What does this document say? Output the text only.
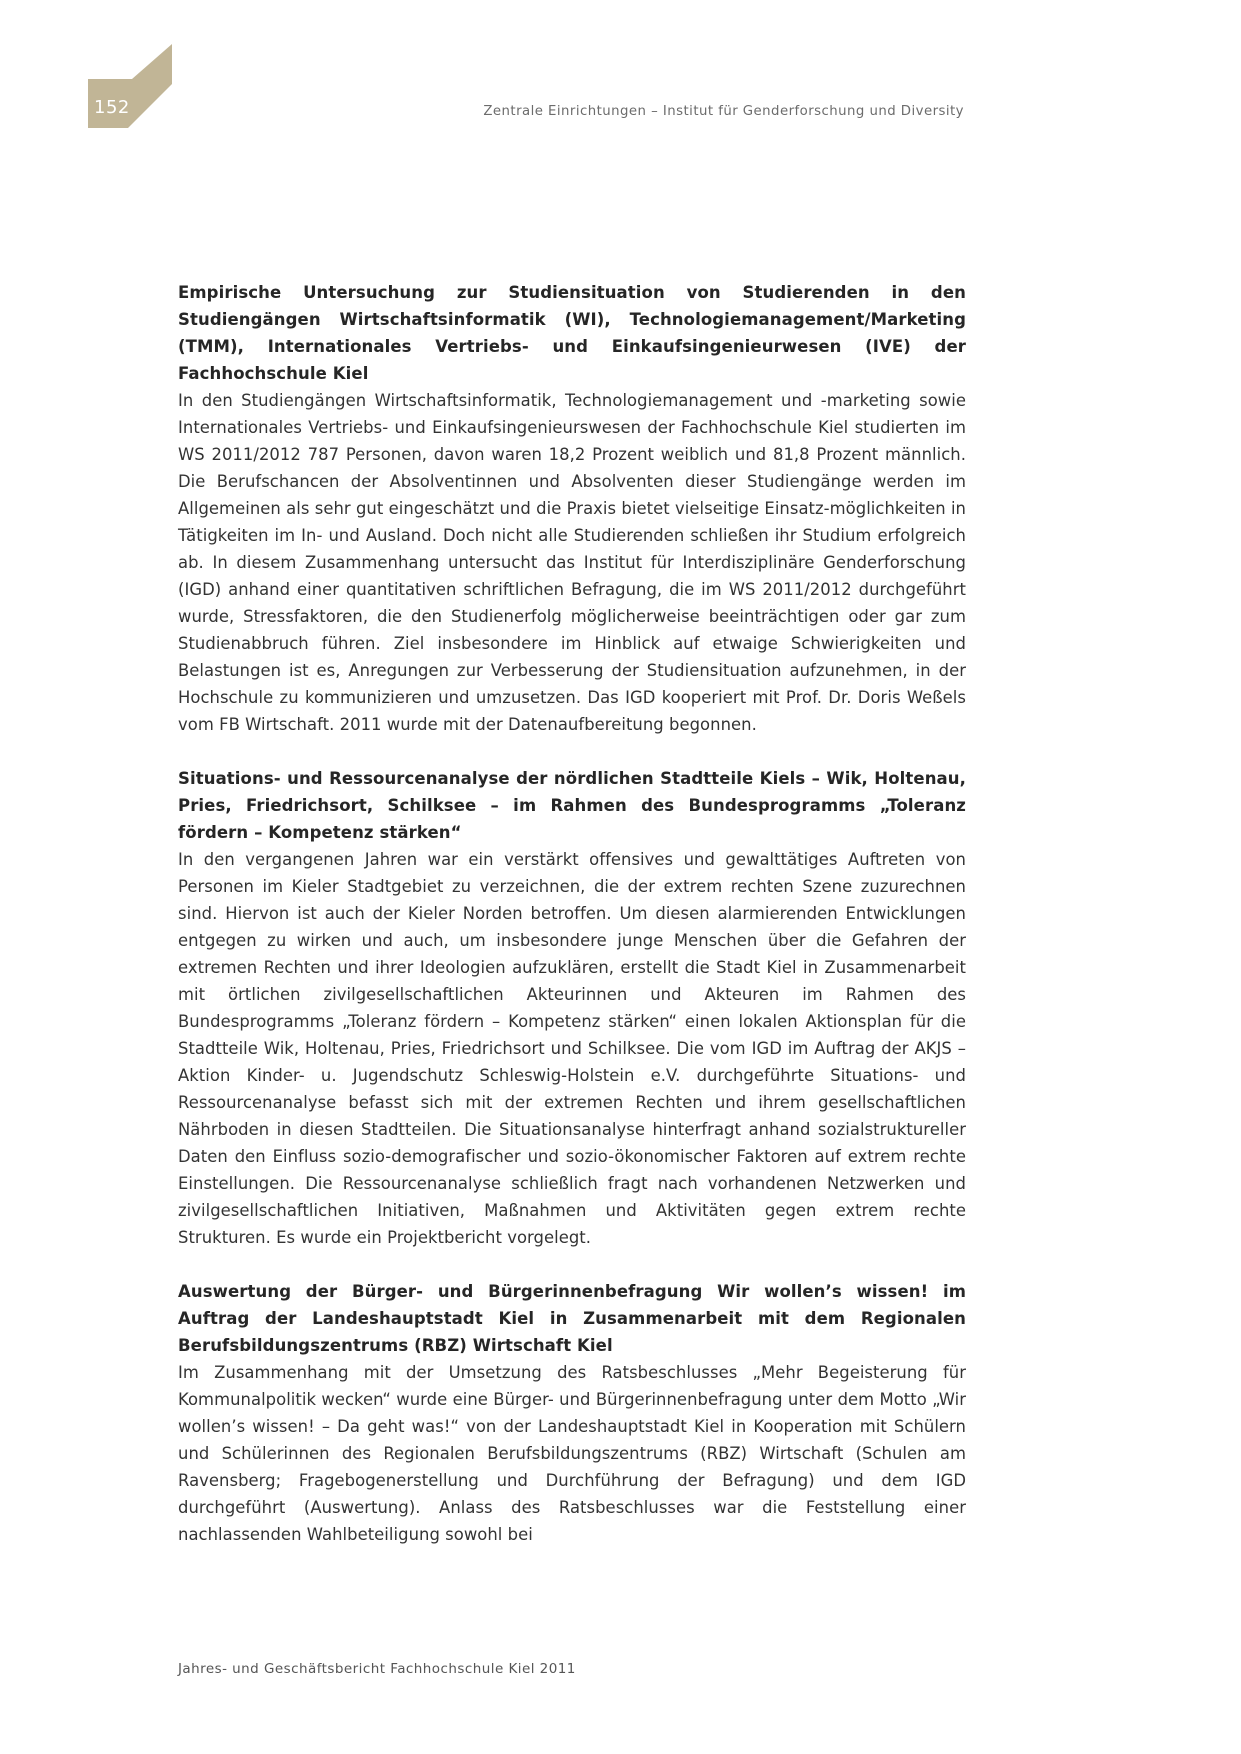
152	Zentrale Einrichtungen – Institut für Genderforschung und Diversity
Empirische Untersuchung zur Studiensituation von Studierenden in den Studiengängen Wirtschaftsinformatik (WI), Technologiemanagement/Marketing (TMM), Internationales Vertriebs- und Einkaufsingenieurwesen (IVE) der Fachhochschule Kiel

In den Studiengängen Wirtschaftsinformatik, Technologiemanagement und -marketing sowie Internationales Vertriebs- und Einkaufsingenieurswesen der Fachhochschule Kiel studierten im WS 2011/2012 787 Personen, davon waren 18,2 Prozent weiblich und 81,8 Prozent männlich. Die Berufschancen der Absolventinnen und Absolventen dieser Studiengänge werden im Allgemeinen als sehr gut eingeschätzt und die Praxis bietet vielseitige Einsatz-möglichkeiten in Tätigkeiten im In- und Ausland. Doch nicht alle Studierenden schließen ihr Studium erfolgreich ab. In diesem Zusammenhang untersucht das Institut für Interdisziplinäre Genderforschung (IGD) anhand einer quantitativen schriftlichen Befragung, die im WS 2011/2012 durchgeführt wurde, Stressfaktoren, die den Studienerfolg möglicherweise beeinträchtigen oder gar zum Studienabbruch führen. Ziel insbesondere im Hinblick auf etwaige Schwierigkeiten und Belastungen ist es, Anregungen zur Verbesserung der Studiensituation aufzunehmen, in der Hochschule zu kommunizieren und umzusetzen. Das IGD kooperiert mit Prof. Dr. Doris Weßels vom FB Wirtschaft. 2011 wurde mit der Datenaufbereitung begonnen.

Situations- und Ressourcenanalyse der nördlichen Stadtteile Kiels – Wik, Holtenau, Pries, Friedrichsort, Schilksee – im Rahmen des Bundesprogramms „Toleranz fördern – Kompetenz stärken“

In den vergangenen Jahren war ein verstärkt offensives und gewalttätiges Auftreten von Personen im Kieler Stadtgebiet zu verzeichnen, die der extrem rechten Szene zuzurechnen sind. Hiervon ist auch der Kieler Norden betroffen. Um diesen alarmierenden Entwicklungen entgegen zu wirken und auch, um insbesondere junge Menschen über die Gefahren der extremen Rechten und ihrer Ideologien aufzuklären, erstellt die Stadt Kiel in Zusammenarbeit mit örtlichen zivilgesellschaftlichen Akteurinnen und Akteuren im Rahmen des Bundesprogramms „Toleranz fördern – Kompetenz stärken“ einen lokalen Aktionsplan für die Stadtteile Wik, Holtenau, Pries, Friedrichsort und Schilksee. Die vom IGD im Auftrag der AKJS – Aktion Kinder- u. Jugendschutz Schleswig-Holstein e.V. durchgeführte Situations- und Ressourcenanalyse befasst sich mit der extremen Rechten und ihrem gesellschaftlichen Nährboden in diesen Stadtteilen. Die Situationsanalyse hinterfragt anhand sozialstruktureller Daten den Einfluss sozio-demografischer und sozio-ökonomischer Faktoren auf extrem rechte Einstellungen. Die Ressourcenanalyse schließlich fragt nach vorhandenen Netzwerken und zivilgesellschaftlichen Initiativen, Maßnahmen und Aktivitäten gegen extrem rechte Strukturen. Es wurde ein Projektbericht vorgelegt.

Auswertung der Bürger- und Bürgerinnenbefragung Wir wollen’s wissen! im Auftrag der Landeshauptstadt Kiel in Zusammenarbeit mit dem Regionalen Berufsbildungszentrums (RBZ) Wirtschaft Kiel

Im Zusammenhang mit der Umsetzung des Ratsbeschlusses „Mehr Begeisterung für Kommunalpolitik wecken“ wurde eine Bürger- und Bürgerinnenbefragung unter dem Motto „Wir wollen’s wissen! – Da geht was!“ von der Landeshauptstadt Kiel in Kooperation mit Schülern und Schülerinnen des Regionalen Berufsbildungszentrums (RBZ) Wirtschaft (Schulen am Ravensberg; Fragebogenerstellung und Durchführung der Befragung) und dem IGD durchgeführt (Auswertung). Anlass des Ratsbeschlusses war die Feststellung einer nachlassenden Wahlbeteiligung sowohl bei

Jahres- und Geschäftsbericht Fachhochschule Kiel 2011
